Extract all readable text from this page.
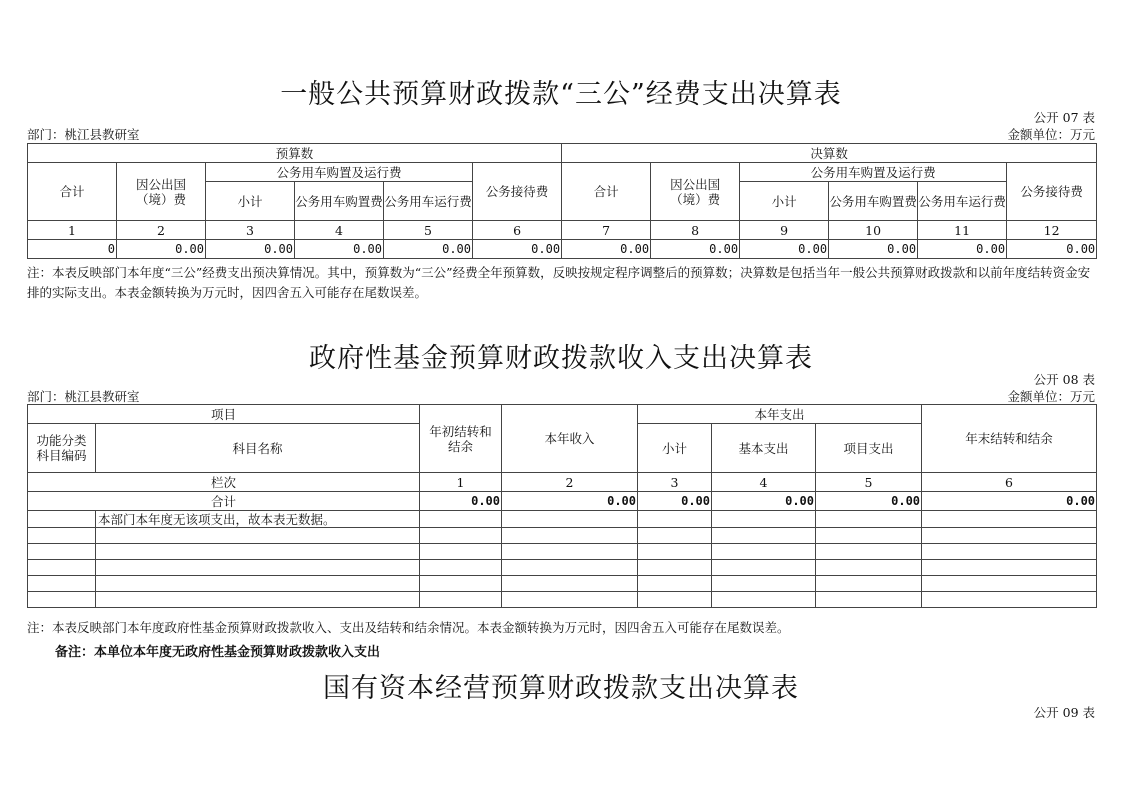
一般公共预算财政拨款“三公”经费支出决算表
公开 07 表
部门：桃江县教研室	金额单位：万元
预算数						决算数					
合计	因公出国（境）费	公务用车购置及运行费			公务接待费	合计	因公出国（境）费	公务用车购置及运行费			公务接待费
		小计	公务用车购置费	公务用车运行费				小计	公务用车购置费	公务用车运行费	
1	2	3	4	5	6	7	8	9	10	11	12
0	0.00	0.00	0.00	0.00	0.00	0.00	0.00	0.00	0.00	0.00	0.00
注：本表反映部门本年度“三公”经费支出预决算情况。其中，预算数为“三公”经费全年预算数，反映按规定程序调整后的预算数；决算数是包括当年一般公共预算财政拨款和以前年度结转资金安排的实际支出。本表金额转换为万元时，因四舍五入可能存在尾数误差。
政府性基金预算财政拨款收入支出决算表
公开 08 表
部门：桃江县教研室	金额单位：万元
项目		年初结转和结余	本年收入	本年支出			年末结转和结余
功能分类科目编码	科目名称			小计	基本支出	项目支出	
栏次		1	2	3	4	5	6
合计		0.00	0.00	0.00	0.00	0.00	0.00
	本部门本年度无该项支出，故本表无数据。						

注：本表反映部门本年度政府性基金预算财政拨款收入、支出及结转和结余情况。本表金额转换为万元时，因四舍五入可能存在尾数误差。
备注：本单位本年度无政府性基金预算财政拨款收入支出
国有资本经营预算财政拨款支出决算表
公开 09 表
